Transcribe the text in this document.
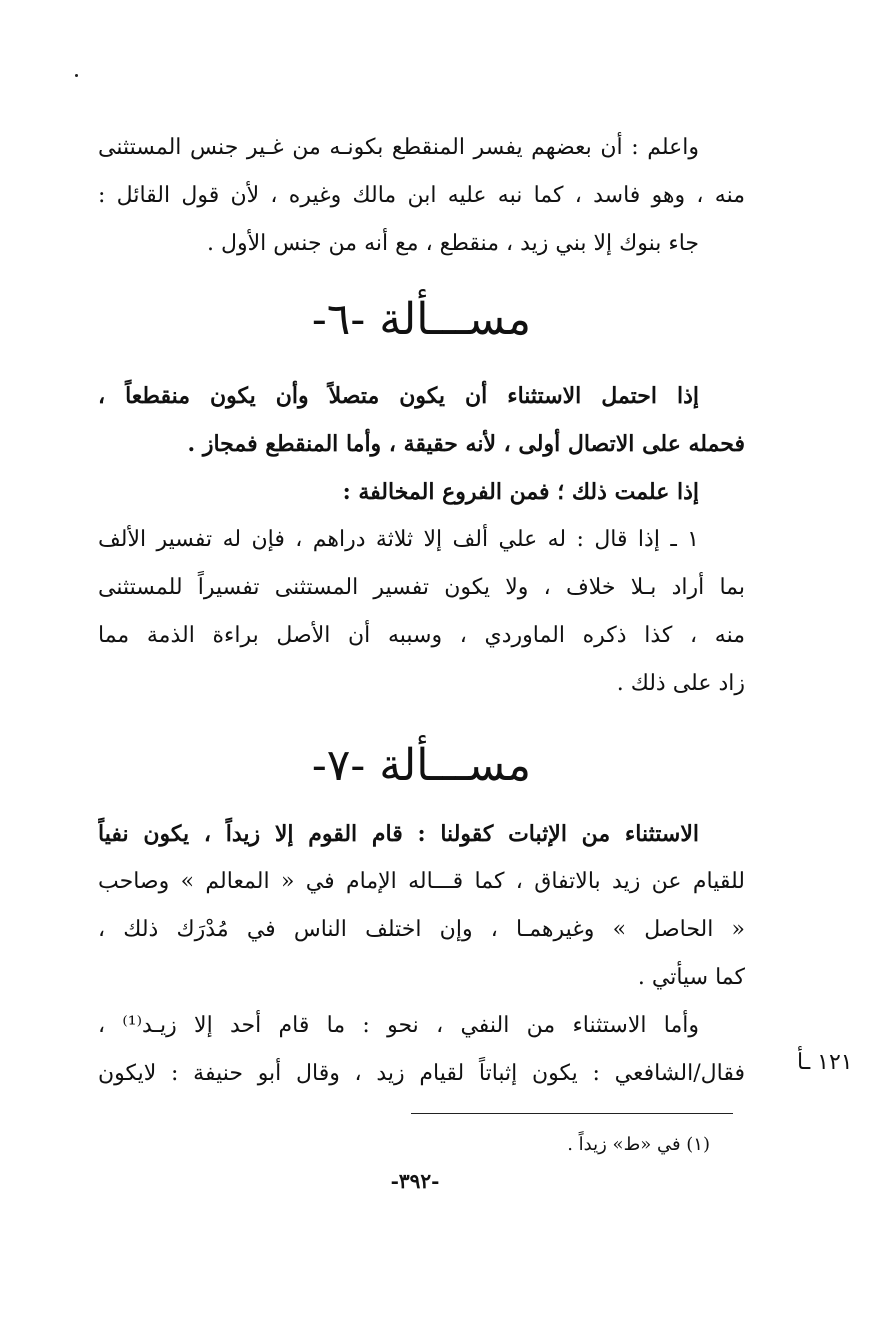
واعلم : أن بعضهم يفسر المنقطع بكونـه من غـير جنس المستثنى
منه ، وهو فاسد ، كما نبه عليه ابن مالك وغيره ، لأن قول القائل :
جاء بنوك إلا بني زيد ، منقطع ، مع أنه من جنس الأول .
مســـألة -٦-
إذا احتمل الاستثناء أن يكون متصلاً وأن يكون منقطعاً ،
فحمله على الاتصال أولى ، لأنه حقيقة ، وأما المنقطع فمجاز .
إذا علمت ذلك ؛ فمن الفروع المخالفة :
١ ـ إذا قال : له علي ألف إلا ثلاثة دراهم ، فإن له تفسير الألف
بما أراد بـلا خلاف ، ولا يكون تفسير المستثنى تفسيراً للمستثنى
منه ، كذا ذكره الماوردي ، وسببه أن الأصل براءة الذمة مما
زاد على ذلك .
مســـألة -٧-
الاستثناء من الإثبات كقولنا : قام القوم إلا زيداً ، يكون نفياً
للقيام عن زيد بالاتفاق ، كما قـــاله الإمام في « المعالم » وصاحب
« الحاصل » وغيرهمـا ، وإن اختلف الناس في مُدْرَك ذلك ،
كما سيأتي .
وأما الاستثناء من النفي ، نحو : ما قام أحد إلا زيـد⁽¹⁾ ،
فقال/الشافعي : يكون إثباتاً لقيام زيد ، وقال أبو حنيفة : لايكون ١٢١ ـأ
(١) في «ط» زيداً .
-٣٩٢-
